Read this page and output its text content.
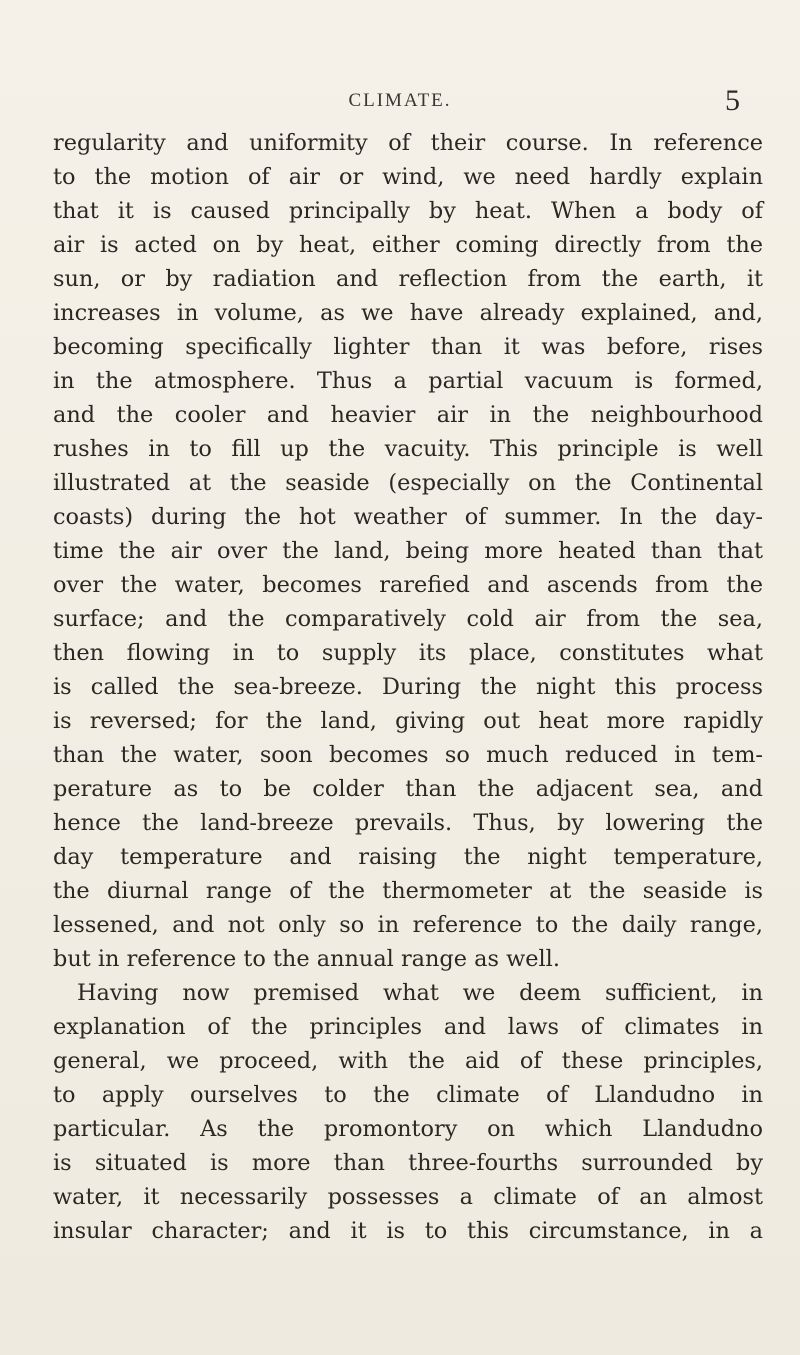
CLIMATE.	5
regularity and uniformity of their course. In reference
to the motion of air or wind, we need hardly explain
that it is caused principally by heat. When a body of
air is acted on by heat, either coming directly from the
sun, or by radiation and reflection from the earth, it
increases in volume, as we have already explained, and,
becoming specifically lighter than it was before, rises
in the atmosphere. Thus a partial vacuum is formed,
and the cooler and heavier air in the neighbourhood
rushes in to fill up the vacuity. This principle is well
illustrated at the seaside (especially on the Continental
coasts) during the hot weather of summer. In the day-
time the air over the land, being more heated than that
over the water, becomes rarefied and ascends from the
surface; and the comparatively cold air from the sea,
then flowing in to supply its place, constitutes what
is called the sea-breeze. During the night this process
is reversed; for the land, giving out heat more rapidly
than the water, soon becomes so much reduced in tem-
perature as to be colder than the adjacent sea, and
hence the land-breeze prevails. Thus, by lowering the
day temperature and raising the night temperature,
the diurnal range of the thermometer at the seaside is
lessened, and not only so in reference to the daily range,
but in reference to the annual range as well.
Having now premised what we deem sufficient, in
explanation of the principles and laws of climates in
general, we proceed, with the aid of these principles,
to apply ourselves to the climate of Llandudno in
particular. As the promontory on which Llandudno
is situated is more than three-fourths surrounded by
water, it necessarily possesses a climate of an almost
insular character; and it is to this circumstance, in a
